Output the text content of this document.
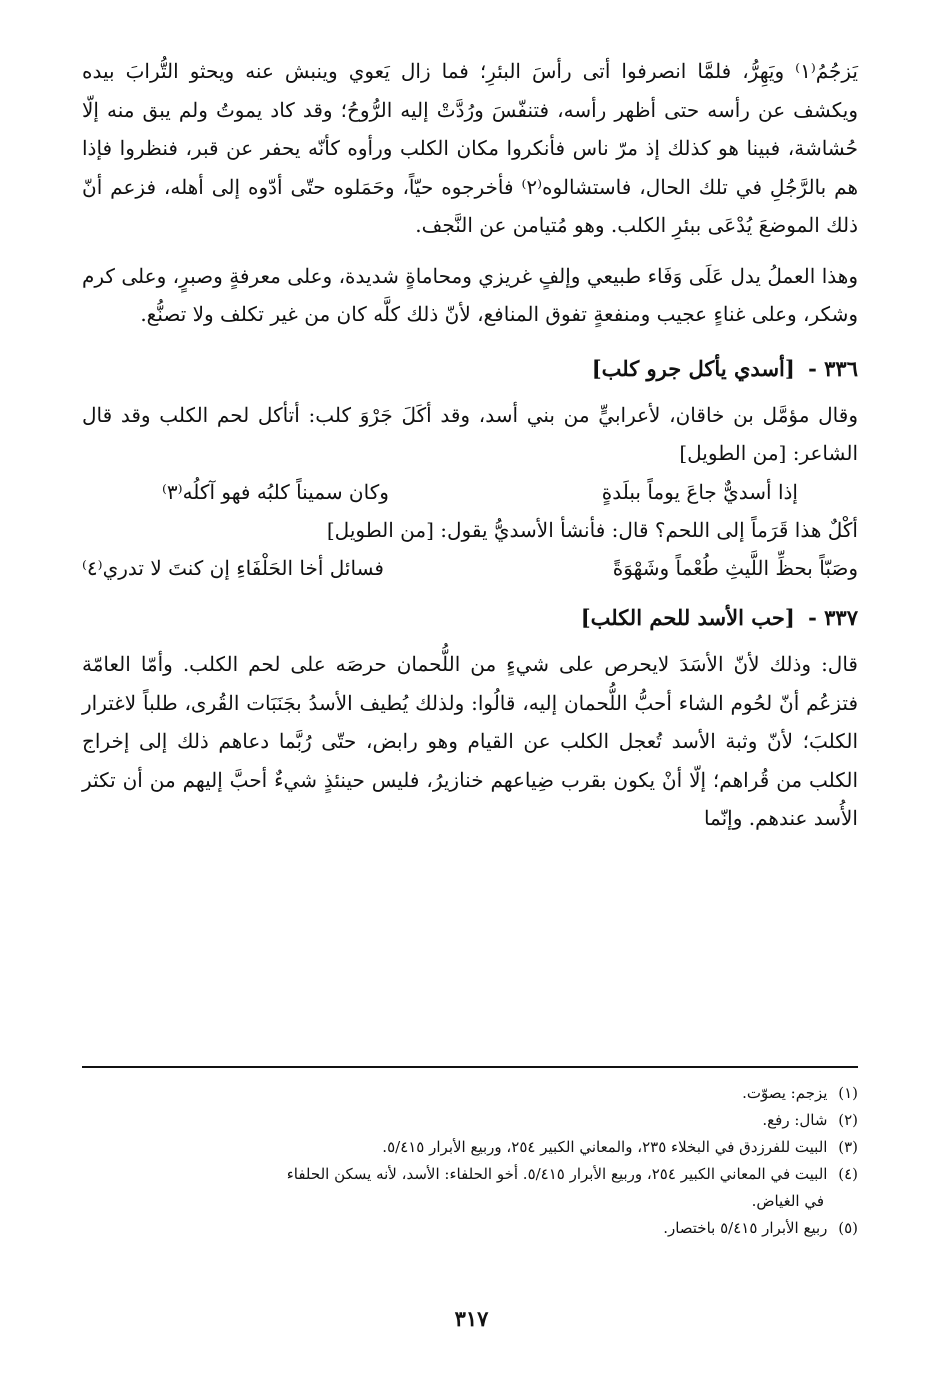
يَزجُمُ⁽١⁾ ويَهِرُّ، فلمَّا انصرفوا أتى رأسَ البئرِ؛ فما زال يَعوي وينبش عنه ويحثو التُّرابَ بيده ويكشف عن رأسه حتى أظهر رأسه، فتنفّسَ ورُدَّتْ إليه الرُّوحُ؛ وقد كاد يموتُ ولم يبق منه إلّا حُشاشة، فبينا هو كذلك إذ مرّ ناس فأنكروا مكان الكلب ورأوه كأنّه يحفر عن قبر، فنظروا فإذا هم بالرَّجُلِ في تلك الحال، فاستشالوه⁽٢⁾ فأخرجوه حيّاً، وحَمَلوه حتّى أدّوه إلى أهله، فزعم أنّ ذلك الموضعَ يُدْعَى ببئرِ الكلب. وهو مُتيامن عن النَّجف.

وهذا العملُ يدل عَلَى وَفَاء طبيعي وإلفٍ غريزي ومحاماةٍ شديدة، وعلى معرفةٍ وصبرٍ، وعلى كرم وشكر، وعلى غناءٍ عجيب ومنفعةٍ تفوق المنافع، لأنّ ذلك كلَّه كان من غير تكلف ولا تصنُّع.

٣٣٦ - [أسدي يأكل جرو كلب]

وقال مؤمَّل بن خاقان، لأعرابيٍّ من بني أسد، وقد أكَلَ جَرْوَ كلب: أتأكل لحم الكلب وقد قال الشاعر: [من الطويل]

إذا أسديٌّ جاعَ يوماً ببلَدةٍ
وكان سميناً كلبُه فهو آكلُه⁽٣⁾

أكْلٌ هذا قَرَماً إلى اللحم؟ قال: فأنشأ الأسديُّ يقول: [من الطويل]

وصَبّاً بحظِّ اللَّيثِ طُعْماً وشَهْوَةً
فسائل أخا الحَلْفَاءِ إن كنتَ لا تدري⁽٤⁾
٣٣٧ - [حب الأسد للحم الكلب]

قال: وذلك لأنّ الأسَدَ لايحرص على شيءٍ من اللُّحمان حرصَه على لحم الكلب. وأمّا العامّة فتزعُم أنّ لحُوم الشاء أحبُّ اللُّحمان إليه، قالُوا: ولذلك يُطيف الأسدُ بجَنَبَات القُرى، طلباً لاغترار الكلبَ؛ لأنّ وثبة الأسد تُعجل الكلب عن القيام وهو رابض، حتّى رُبَّما دعاهم ذلك إلى إخراج الكلب من قُراهم؛ إلّا أنْ يكون بقرب ضِياعهم خنازيرُ، فليس حينئذٍ شيءٌ أحبَّ إليهم من أن تكثر الأُسد عندهم. وإنّما

(١) يزجم: يصوّت.

(٢) شال: رفع.

(٣) البيت للفرزدق في البخلاء ٢٣٥، والمعاني الكبير ٢٥٤، وربيع الأبرار ٥/٤١٥.

(٤) البيت في المعاني الكبير ٢٥٤، وربيع الأبرار ٥/٤١٥. أخو الحلفاء: الأسد، لأنه يسكن الحلفاء

في الغياض.

(٥) ربيع الأبرار ٥/٤١٥ باختصار.

٣١٧
